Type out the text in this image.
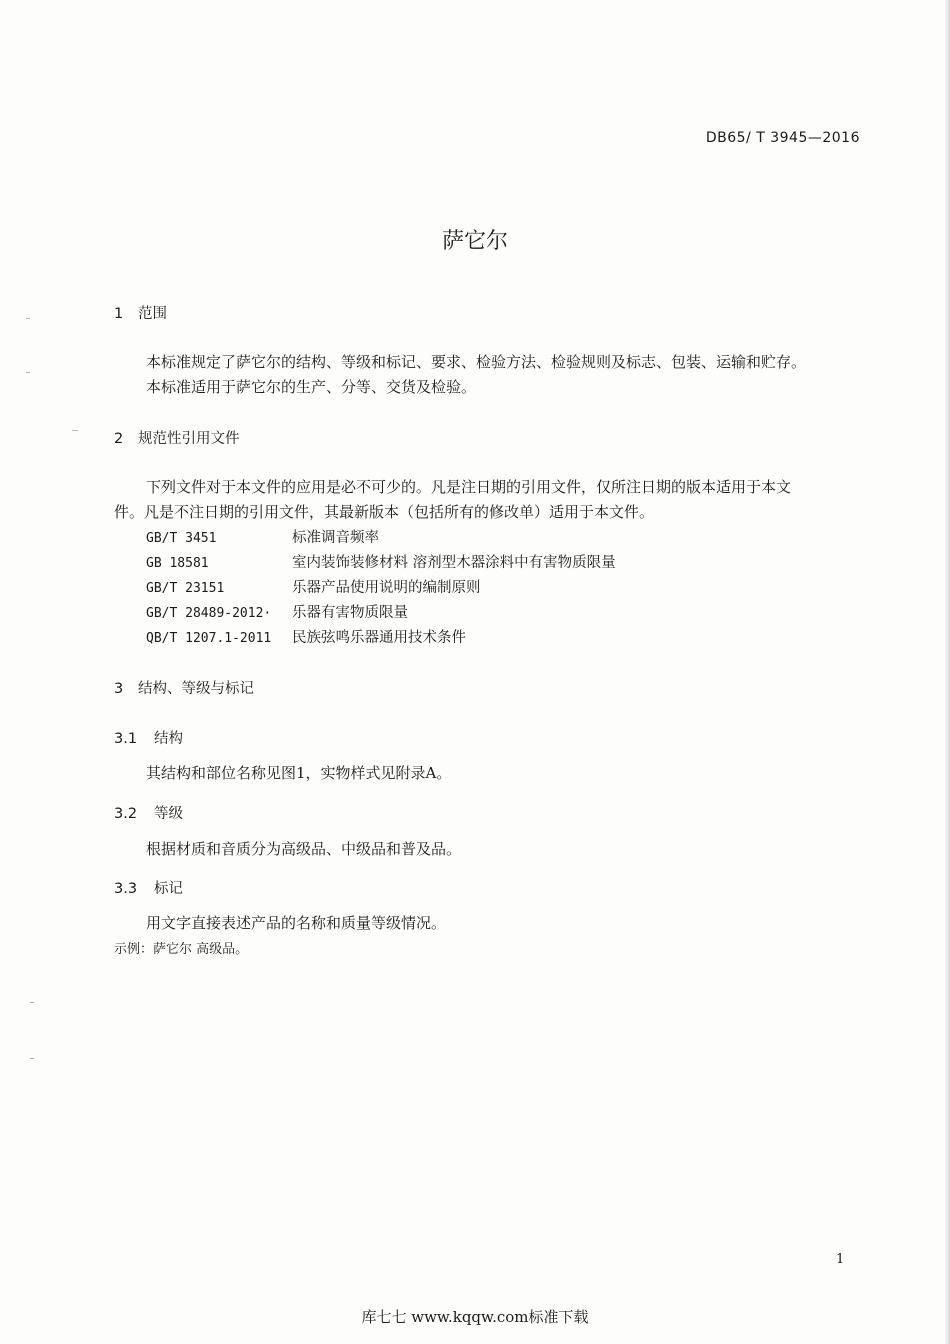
DB65/ T 3945—2016
萨它尔
1 范围
本标准规定了萨它尔的结构、等级和标记、要求、检验方法、检验规则及标志、包装、运输和贮存。
本标准适用于萨它尔的生产、分等、交货及检验。
2 规范性引用文件
下列文件对于本文件的应用是必不可少的。凡是注日期的引用文件，仅所注日期的版本适用于本文
件。凡是不注日期的引用文件，其最新版本（包括所有的修改单）适用于本文件。
GB/T 3451	标准调音频率
GB 18581	室内装饰装修材料 溶剂型木器涂料中有害物质限量
GB/T 23151	乐器产品使用说明的编制原则
GB/T 28489-2012·	乐器有害物质限量
QB/T 1207.1-2011	民族弦鸣乐器通用技术条件
3 结构、等级与标记
3.1 结构
其结构和部位名称见图1，实物样式见附录A。
3.2 等级
根据材质和音质分为高级品、中级品和普及品。
3.3 标记
用文字直接表述产品的名称和质量等级情况。
示例：萨它尔 高级品。
1
库七七 www.kqqw.com标准下载
